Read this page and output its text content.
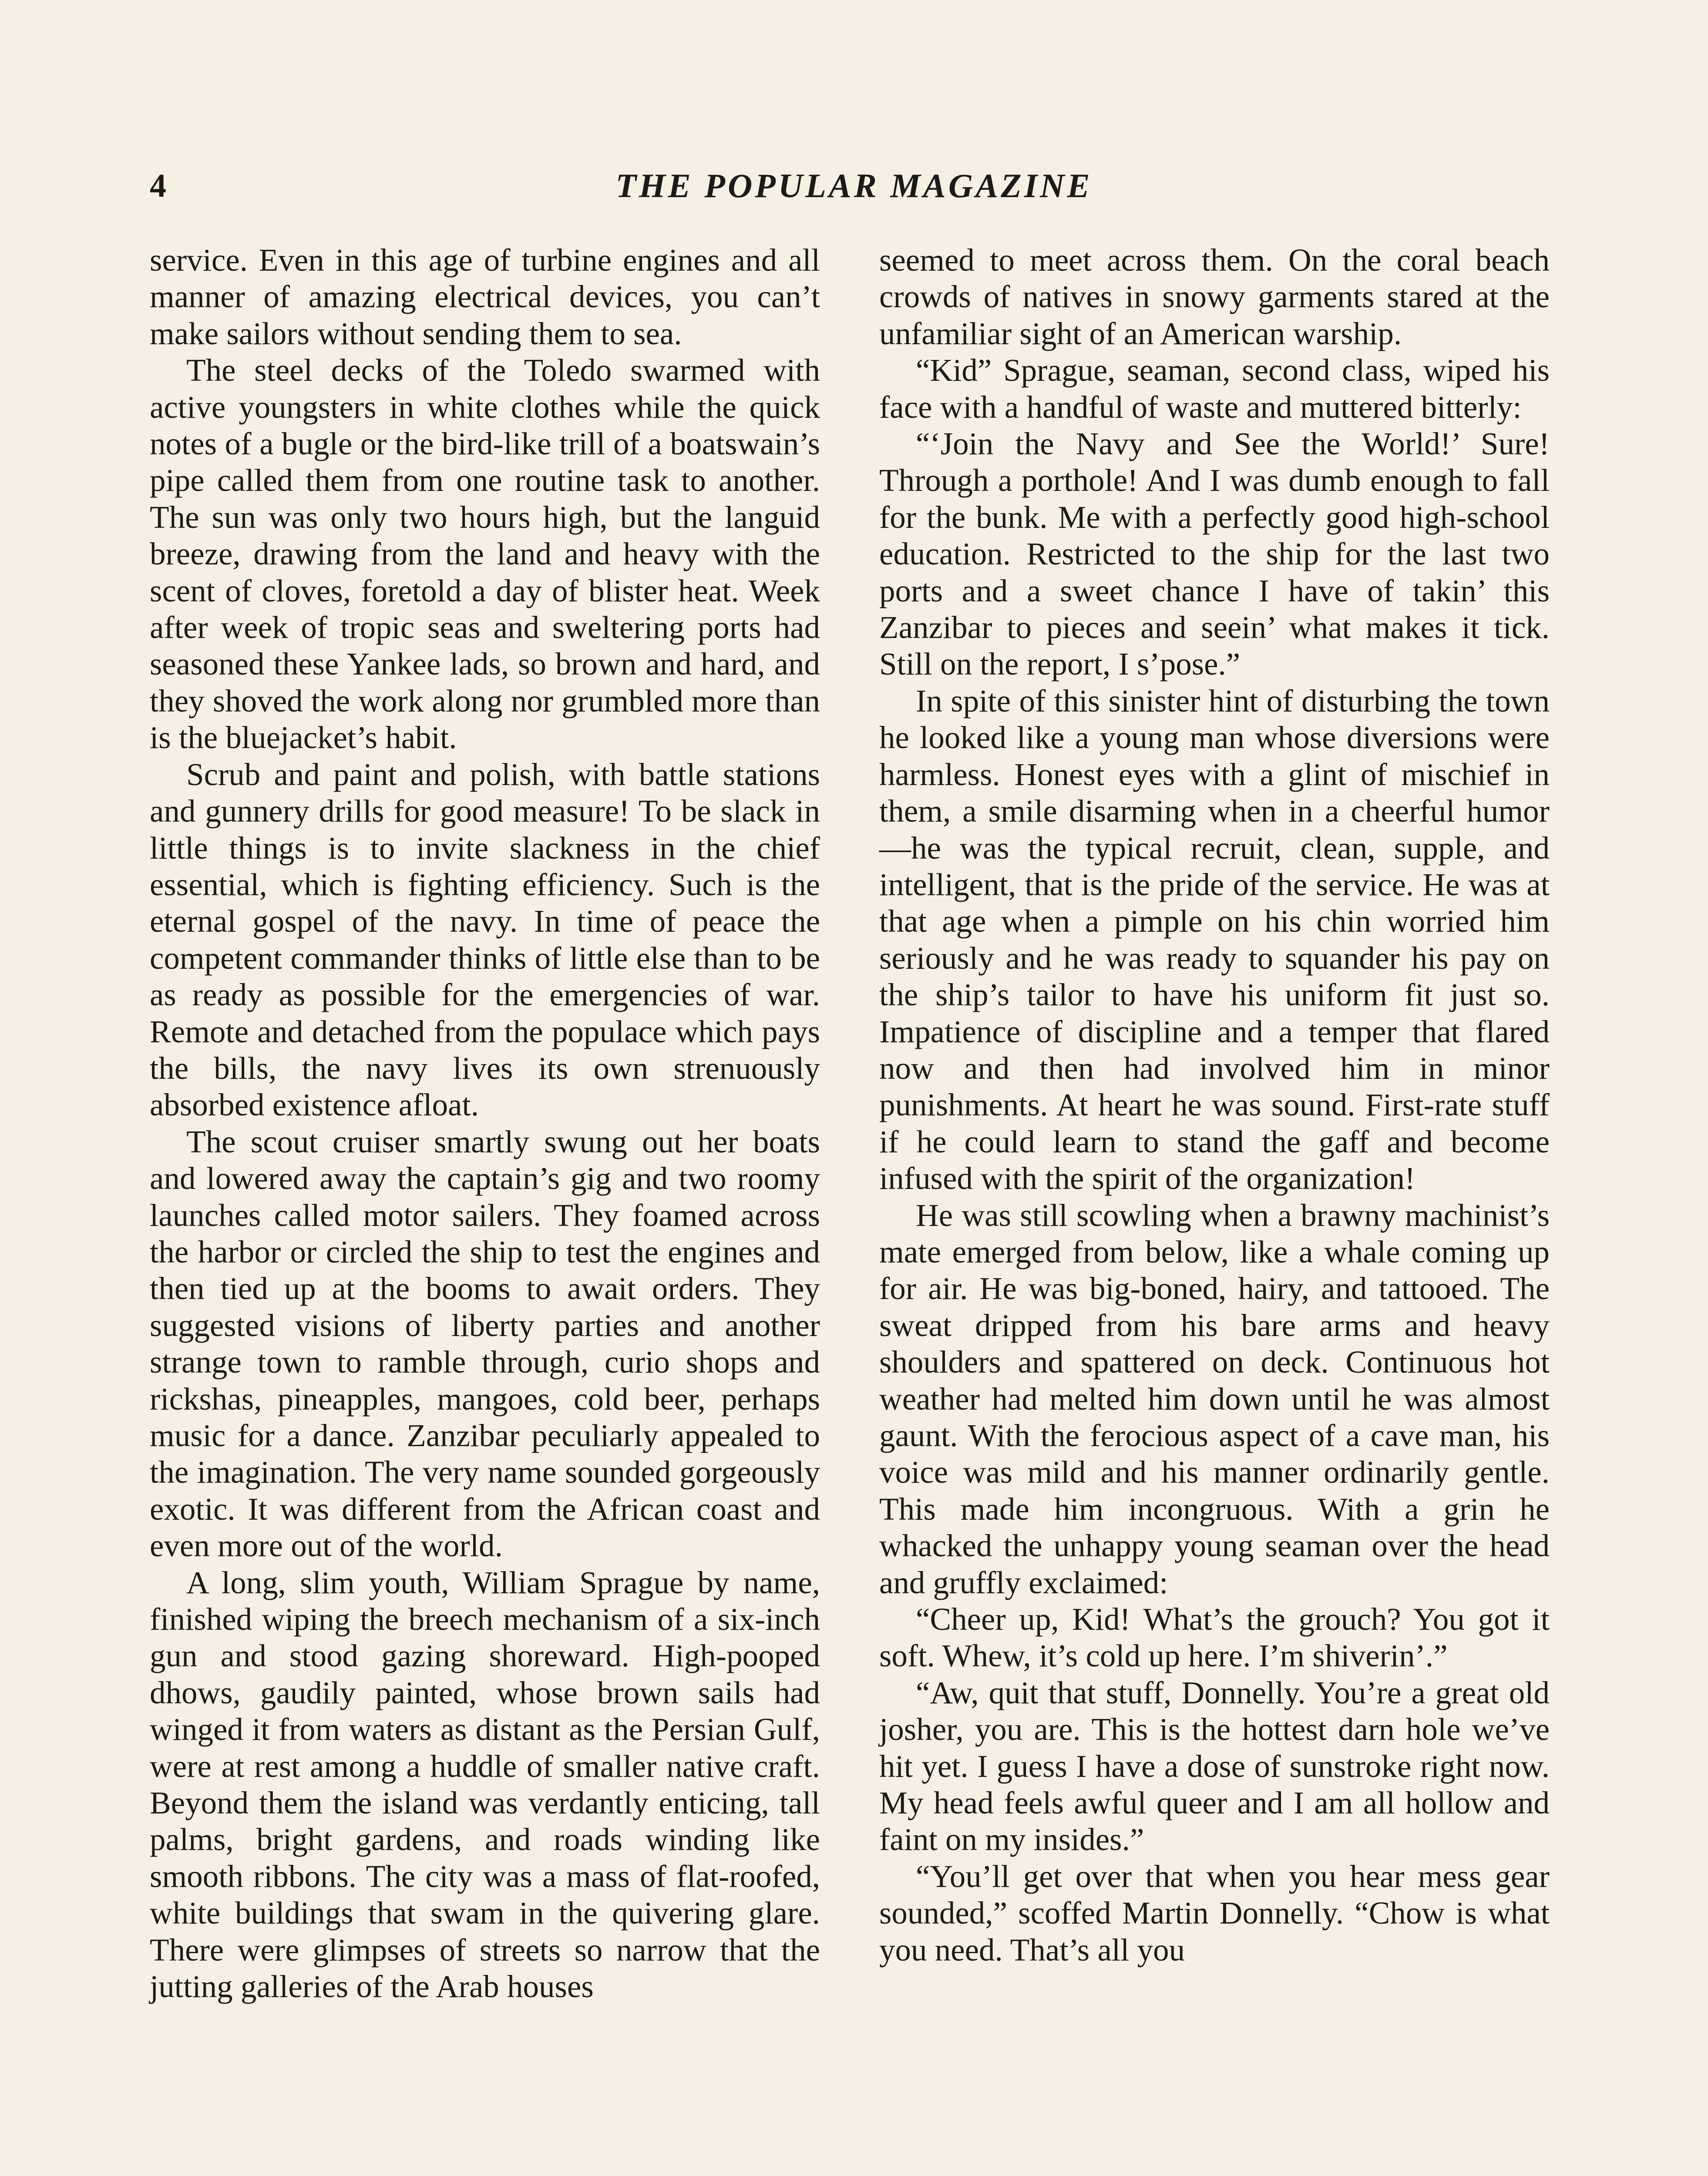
4	THE POPULAR MAGAZINE

service. Even in this age of turbine engines and all manner of amazing electrical devices, you can’t make sailors without sending them to sea.

The steel decks of the Toledo swarmed with active youngsters in white clothes while the quick notes of a bugle or the bird-like trill of a boatswain’s pipe called them from one routine task to another. The sun was only two hours high, but the languid breeze, drawing from the land and heavy with the scent of cloves, foretold a day of blister heat. Week after week of tropic seas and sweltering ports had seasoned these Yankee lads, so brown and hard, and they shoved the work along nor grumbled more than is the bluejacket’s habit.

Scrub and paint and polish, with battle stations and gunnery drills for good measure! To be slack in little things is to invite slackness in the chief essential, which is fighting efficiency. Such is the eternal gospel of the navy. In time of peace the competent commander thinks of little else than to be as ready as possible for the emergencies of war. Remote and detached from the populace which pays the bills, the navy lives its own strenuously absorbed existence afloat.

The scout cruiser smartly swung out her boats and lowered away the captain’s gig and two roomy launches called motor sailers. They foamed across the harbor or circled the ship to test the engines and then tied up at the booms to await orders. They suggested visions of liberty parties and another strange town to ramble through, curio shops and rickshas, pineapples, mangoes, cold beer, perhaps music for a dance. Zanzibar peculiarly appealed to the imagination. The very name sounded gorgeously exotic. It was different from the African coast and even more out of the world.

A long, slim youth, William Sprague by name, finished wiping the breech mechanism of a six-inch gun and stood gazing shoreward. High-pooped dhows, gaudily painted, whose brown sails had winged it from waters as distant as the Persian Gulf, were at rest among a huddle of smaller native craft. Beyond them the island was verdantly enticing, tall palms, bright gardens, and roads winding like smooth ribbons. The city was a mass of flat-roofed, white buildings that swam in the quivering glare. There were glimpses of streets so narrow that the jutting galleries of the Arab houses

seemed to meet across them. On the coral beach crowds of natives in snowy garments stared at the unfamiliar sight of an American warship.

“Kid” Sprague, seaman, second class, wiped his face with a handful of waste and muttered bitterly:

“‘Join the Navy and See the World!’ Sure! Through a porthole! And I was dumb enough to fall for the bunk. Me with a perfectly good high-school education. Restricted to the ship for the last two ports and a sweet chance I have of takin’ this Zanzibar to pieces and seein’ what makes it tick. Still on the report, I s’pose.”

In spite of this sinister hint of disturbing the town he looked like a young man whose diversions were harmless. Honest eyes with a glint of mischief in them, a smile disarming when in a cheerful humor—he was the typical recruit, clean, supple, and intelligent, that is the pride of the service. He was at that age when a pimple on his chin worried him seriously and he was ready to squander his pay on the ship’s tailor to have his uniform fit just so. Impatience of discipline and a temper that flared now and then had involved him in minor punishments. At heart he was sound. First-rate stuff if he could learn to stand the gaff and become infused with the spirit of the organization!

He was still scowling when a brawny machinist’s mate emerged from below, like a whale coming up for air. He was big-boned, hairy, and tattooed. The sweat dripped from his bare arms and heavy shoulders and spattered on deck. Continuous hot weather had melted him down until he was almost gaunt. With the ferocious aspect of a cave man, his voice was mild and his manner ordinarily gentle. This made him incongruous. With a grin he whacked the unhappy young seaman over the head and gruffly exclaimed:

“Cheer up, Kid! What’s the grouch? You got it soft. Whew, it’s cold up here. I’m shiverin’.”

“Aw, quit that stuff, Donnelly. You’re a great old josher, you are. This is the hottest darn hole we’ve hit yet. I guess I have a dose of sunstroke right now. My head feels awful queer and I am all hollow and faint on my insides.”

“You’ll get over that when you hear mess gear sounded,” scoffed Martin Donnelly. “Chow is what you need. That’s all you
